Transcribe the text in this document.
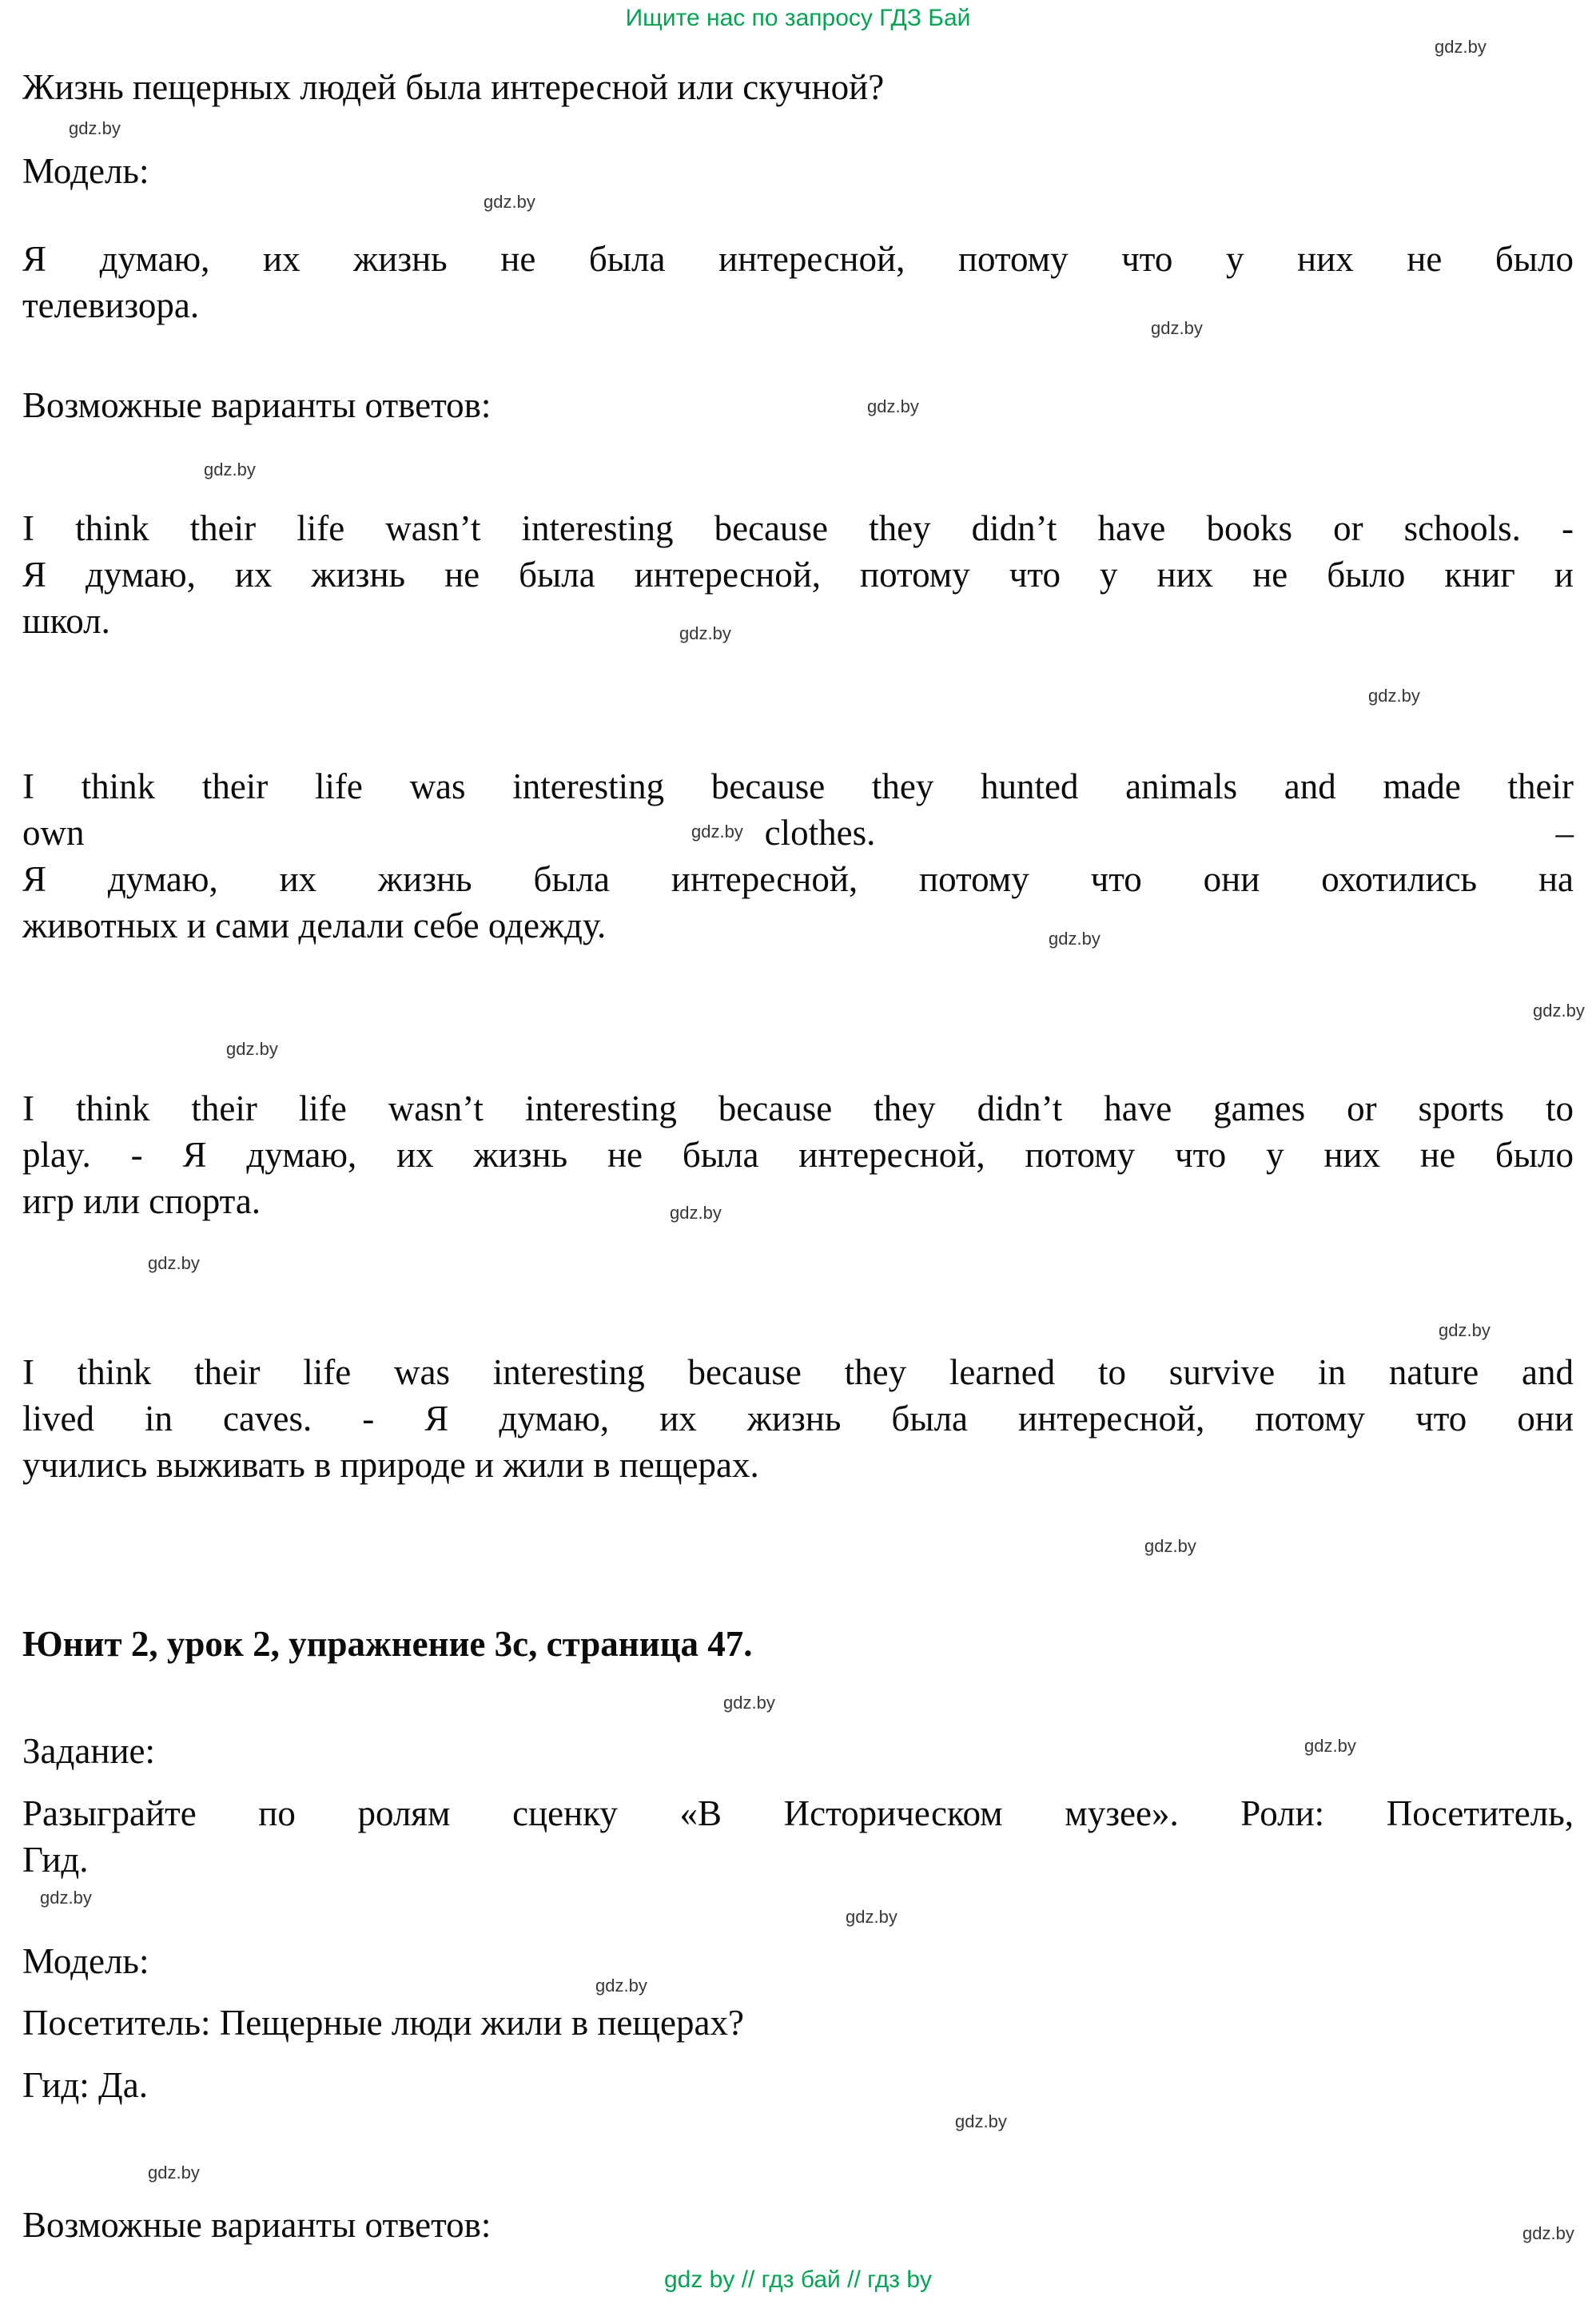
Ищите нас по запросу ГДЗ Бай
Жизнь пещерных людей была интересной или скучной?
Модель:
Я думаю, их жизнь не была интересной, потому что у них не было
телевизора.
Возможные варианты ответов:
I think their life wasn’t interesting because they didn’t have books or schools. -
Я думаю, их жизнь не была интересной, потому что у них не было книг и
школ.
I think their life was interesting because they hunted animals and made their
own	clothes.	–
Я думаю, их жизнь была интересной, потому что они охотились на
животных и сами делали себе одежду.
I think their life wasn’t interesting because they didn’t have games or sports to
play. - Я думаю, их жизнь не была интересной, потому что у них не было
игр или спорта.
I think their life was interesting because they learned to survive in nature and
lived in caves. - Я думаю, их жизнь была интересной, потому что они
учились выживать в природе и жили в пещерах.
Юнит 2, урок 2, упражнение 3с, страница 47.
Задание:
Разыграйте по ролям сценку «В Историческом музее». Роли: Посетитель,
Гид.
Модель:
Посетитель: Пещерные люди жили в пещерах?
Гид: Да.
Возможные варианты ответов:
gdz.by
gdz.by
gdz.by
gdz.by
gdz.by
gdz.by
gdz.by
gdz.by
gdz.by
gdz.by
gdz.by
gdz.by
gdz.by
gdz.by
gdz.by
gdz.by
gdz.by
gdz.by
gdz.by
gdz.by
gdz.by
gdz.by
gdz.by
gdz.by
gdz by // гдз бай // гдз by
